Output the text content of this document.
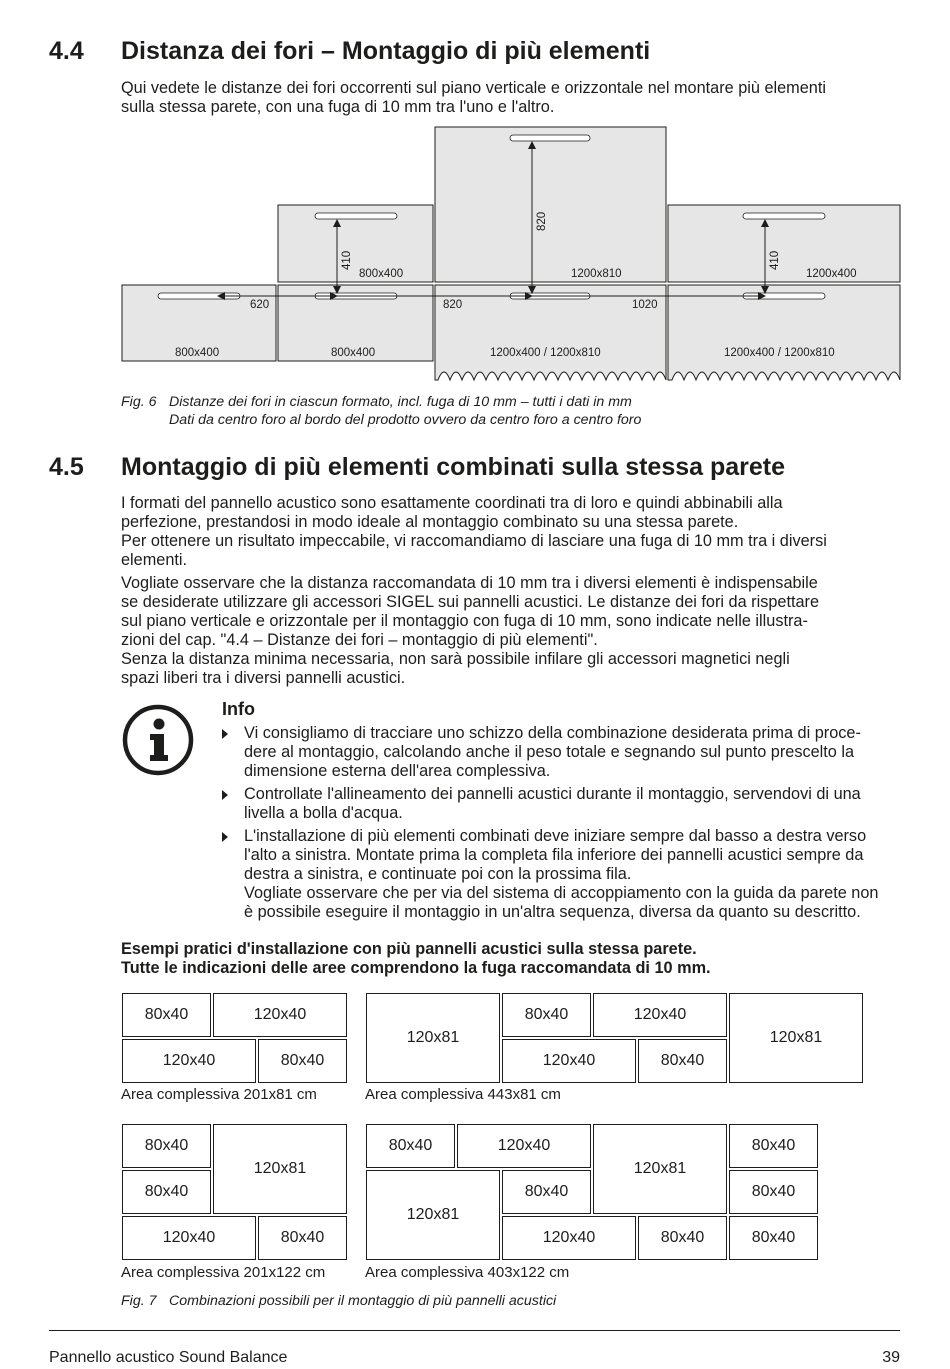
4.4 Distanza dei fori – Montaggio di più elementi
Qui vedete le distanze dei fori occorrenti sul piano verticale e orizzontale nel montare più elementi
sulla stessa parete, con una fuga di 10 mm tra l'uno e l'altro.
800x400	1200x810	1200x400
800x400	800x400	1200x400 / 1200x810	1200x400 / 1200x810
620	820	1020
410
820
410
Fig. 6 Distanze dei fori in ciascun formato, incl. fuga di 10 mm – tutti i dati in mm
Dati da centro foro al bordo del prodotto ovvero da centro foro a centro foro
4.5 Montaggio di più elementi combinati sulla stessa parete
I formati del pannello acustico sono esattamente coordinati tra di loro e quindi abbinabili alla
perfezione, prestandosi in modo ideale al montaggio combinato su una stessa parete.
Per ottenere un risultato impeccabile, vi raccomandiamo di lasciare una fuga di 10 mm tra i diversi
elementi.
Vogliate osservare che la distanza raccomandata di 10 mm tra i diversi elementi è indispensabile
se desiderate utilizzare gli accessori SIGEL sui pannelli acustici. Le distanze dei fori da rispettare
sul piano verticale e orizzontale per il montaggio con fuga di 10 mm, sono indicate nelle illustra-
zioni del cap. "4.4 – Distanze dei fori – montaggio di più elementi".
Senza la distanza minima necessaria, non sarà possibile infilare gli accessori magnetici negli
spazi liberi tra i diversi pannelli acustici.
Info
Vi consigliamo di tracciare uno schizzo della combinazione desiderata prima di proce-
dere al montaggio, calcolando anche il peso totale e segnando sul punto prescelto la
dimensione esterna dell'area complessiva.
Controllate l'allineamento dei pannelli acustici durante il montaggio, servendovi di una
livella a bolla d'acqua.
L'installazione di più elementi combinati deve iniziare sempre dal basso a destra verso
l'alto a sinistra. Montate prima la completa fila inferiore dei pannelli acustici sempre da
destra a sinistra, e continuate poi con la prossima fila.
Vogliate osservare che per via del sistema di accoppiamento con la guida da parete non
è possibile eseguire il montaggio in un'altra sequenza, diversa da quanto su descritto.
Esempi pratici d'installazione con più pannelli acustici sulla stessa parete.
Tutte le indicazioni delle aree comprendono la fuga raccomandata di 10 mm.
80x40	120x40
120x40	80x40
Area complessiva 201x81 cm
120x81
80x40	120x40
120x40	80x40
120x81
Area complessiva 443x81 cm
80x40
120x81
80x40
120x40	80x40
Area complessiva 201x122 cm
80x40	120x40
120x81
80x40
120x81
80x40	80x40
120x40	80x40	80x40
Area complessiva 403x122 cm
Fig. 7 Combinazioni possibili per il montaggio di più pannelli acustici
Pannello acustico Sound Balance	39
